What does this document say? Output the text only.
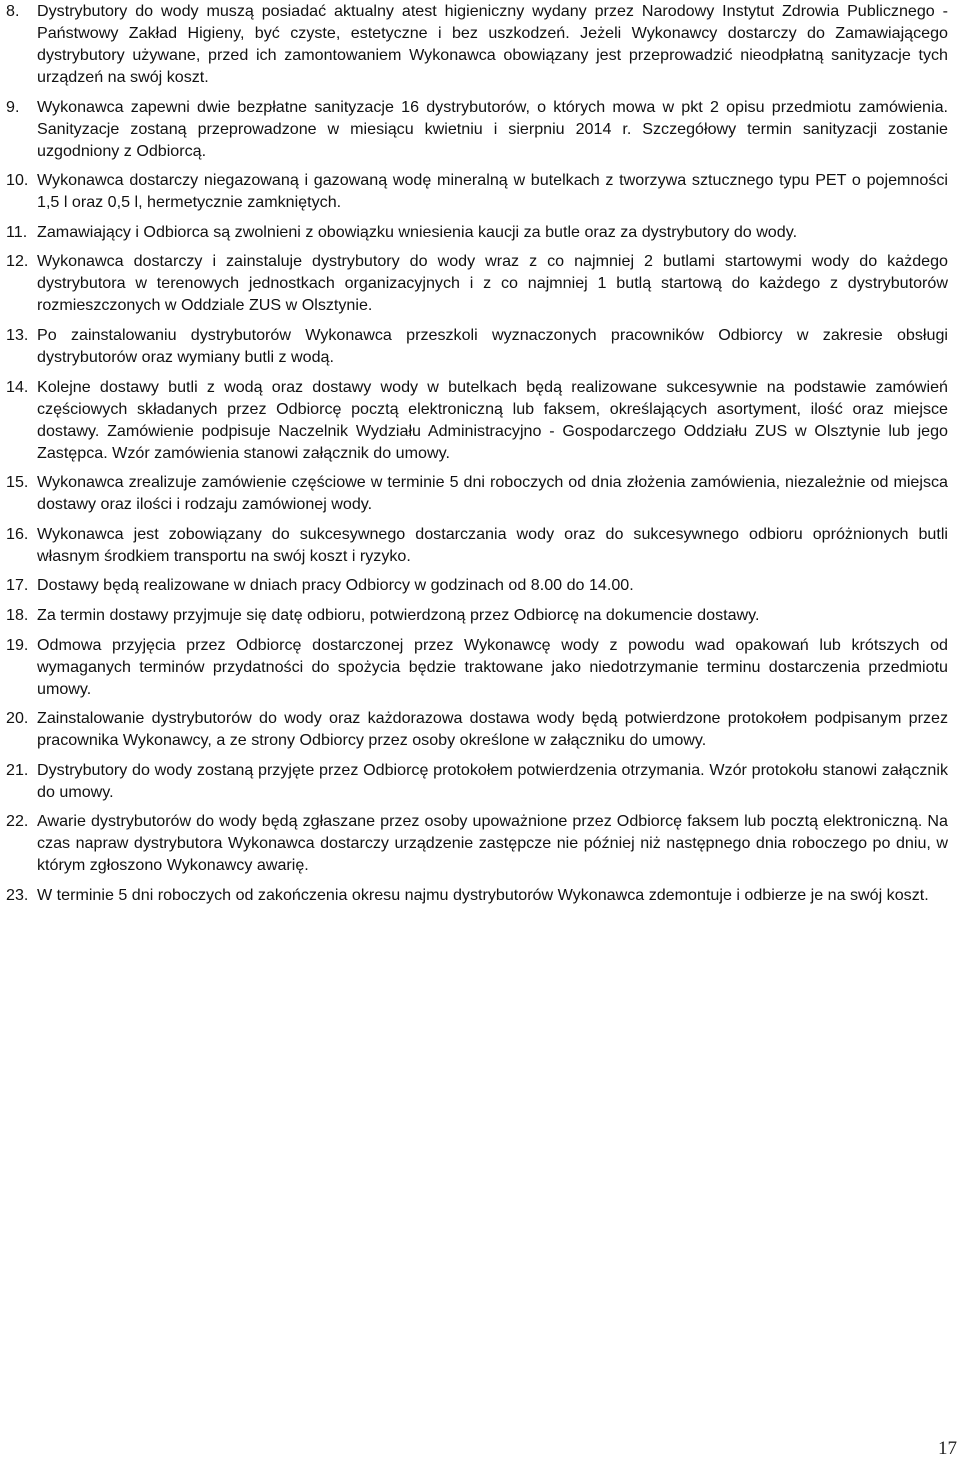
8.	Dystrybutory do wody muszą posiadać aktualny atest higieniczny wydany przez Narodowy Instytut Zdrowia Publicznego - Państwowy Zakład Higieny, być czyste, estetyczne i bez uszkodzeń. Jeżeli Wykonawcy dostarczy do Zamawiającego dystrybutory używane, przed ich zamontowaniem Wykonawca obowiązany jest przeprowadzić nieodpłatną sanityzacje tych urządzeń na swój koszt.
9.	Wykonawca zapewni dwie bezpłatne sanityzacje 16 dystrybutorów, o których mowa w pkt 2 opisu przedmiotu zamówienia. Sanityzacje zostaną przeprowadzone w miesiącu kwietniu i sierpniu 2014 r. Szczegółowy termin sanityzacji zostanie uzgodniony z Odbiorcą.
10. Wykonawca dostarczy niegazowaną i gazowaną wodę mineralną w butelkach z tworzywa sztucznego typu PET o pojemności 1,5 l oraz 0,5 l, hermetycznie zamkniętych.
11. Zamawiający i Odbiorca są zwolnieni z obowiązku wniesienia kaucji za butle oraz za dystrybutory do wody.
12. Wykonawca dostarczy i zainstaluje dystrybutory do wody wraz z co najmniej 2 butlami startowymi wody do każdego dystrybutora w terenowych jednostkach organizacyjnych i z co najmniej 1 butlą startową do każdego z dystrybutorów rozmieszczonych w Oddziale ZUS w Olsztynie.
13. Po zainstalowaniu dystrybutorów Wykonawca przeszkoli wyznaczonych pracowników Odbiorcy w zakresie obsługi dystrybutorów oraz wymiany butli z wodą.
14. Kolejne dostawy butli z wodą oraz dostawy wody w butelkach będą realizowane sukcesywnie na podstawie zamówień częściowych składanych przez Odbiorcę pocztą elektroniczną lub faksem, określających asortyment, ilość oraz miejsce dostawy. Zamówienie podpisuje Naczelnik Wydziału Administracyjno - Gospodarczego Oddziału ZUS w Olsztynie lub jego Zastępca. Wzór zamówienia stanowi załącznik do umowy.
15. Wykonawca zrealizuje zamówienie częściowe w terminie 5 dni roboczych od dnia złożenia zamówienia, niezależnie od miejsca dostawy oraz ilości i rodzaju zamówionej wody.
16. Wykonawca jest zobowiązany do sukcesywnego dostarczania wody oraz do sukcesywnego odbioru opróżnionych butli własnym środkiem transportu na swój koszt i ryzyko.
17. Dostawy będą realizowane w dniach pracy Odbiorcy w godzinach od 8.00 do 14.00.
18. Za termin dostawy przyjmuje się datę odbioru, potwierdzoną przez Odbiorcę na dokumencie dostawy.
19. Odmowa przyjęcia przez Odbiorcę dostarczonej przez Wykonawcę wody z powodu wad opakowań lub krótszych od wymaganych terminów przydatności do spożycia będzie traktowane jako niedotrzymanie terminu dostarczenia przedmiotu umowy.
20. Zainstalowanie dystrybutorów do wody oraz każdorazowa dostawa wody będą potwierdzone protokołem podpisanym przez pracownika Wykonawcy, a ze strony Odbiorcy przez osoby określone w załączniku do umowy.
21. Dystrybutory do wody zostaną przyjęte przez Odbiorcę protokołem potwierdzenia otrzymania. Wzór protokołu stanowi załącznik do umowy.
22. Awarie dystrybutorów do wody będą zgłaszane przez osoby upoważnione przez Odbiorcę faksem lub pocztą elektroniczną. Na czas napraw dystrybutora Wykonawca dostarczy urządzenie zastępcze nie później niż następnego dnia roboczego po dniu, w którym zgłoszono Wykonawcy awarię.
23. W terminie 5 dni roboczych od zakończenia okresu najmu dystrybutorów Wykonawca zdemontuje i odbierze je na swój koszt.
17
